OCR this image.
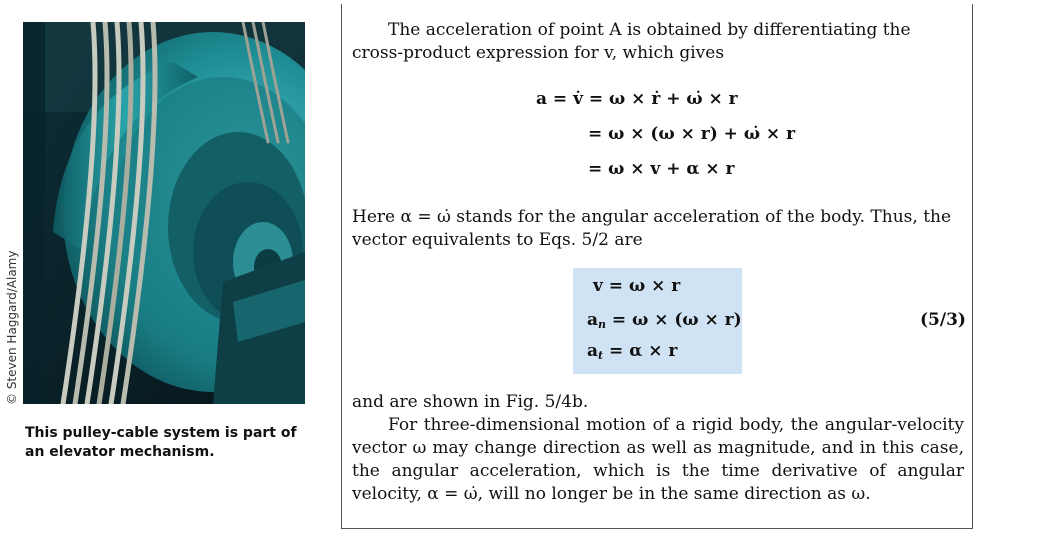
© Steven Haggard/Alamy
This pulley-cable system is part of an elevator mechanism.
The acceleration of point A is obtained by differentiating the cross-product expression for v, which gives
a = v̇ = ω × ṙ + ω̇ × r
= ω × (ω × r) + ω̇ × r
= ω × v + α × r
Here α = ω̇ stands for the angular acceleration of the body. Thus, the vector equivalents to Eqs. 5/2 are
v = ω × r
$a_n = \omega \times (\omega \times r)$
$a_t = \alpha \times r$
(5/3)
and are shown in Fig. 5/4b.
For three-dimensional motion of a rigid body, the angular-velocity vector ω may change direction as well as magnitude, and in this case, the angular acceleration, which is the time derivative of angular velocity, α = ω̇, will no longer be in the same direction as ω.
